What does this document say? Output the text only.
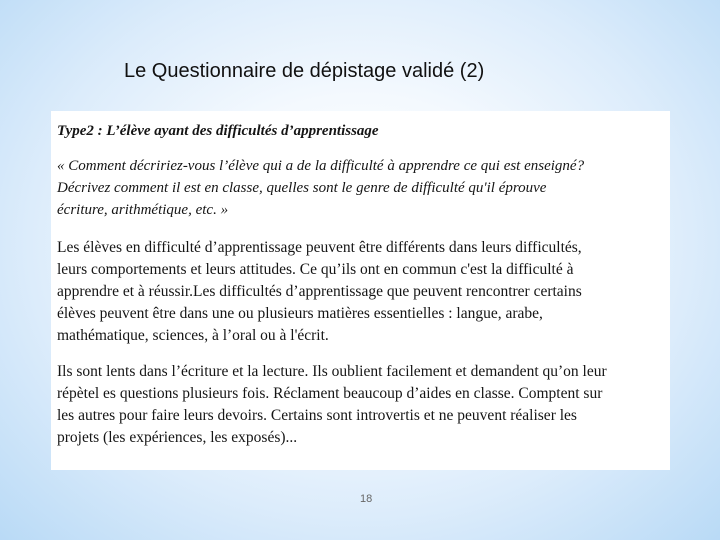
Le Questionnaire de dépistage validé (2)
Type2 : L’élève ayant des difficultés d’apprentissage
« Comment décririez-vous l’élève qui a de la difficulté à apprendre ce qui est enseigné?
Décrivez comment il est en classe, quelles sont le genre de difficulté qu'il éprouve
écriture, arithmétique, etc. »
Les élèves en difficulté d’apprentissage peuvent être différents dans leurs difficultés,
leurs comportements et leurs attitudes. Ce qu’ils ont en commun c'est la difficulté à
apprendre et à réussir.Les difficultés d’apprentissage que peuvent rencontrer certains
élèves peuvent être dans une ou plusieurs matières essentielles : langue, arabe,
mathématique, sciences, à l’oral ou à l'écrit.
Ils sont lents dans l’écriture et la lecture. Ils oublient facilement et demandent qu’on leur
répètel es questions plusieurs fois. Réclament beaucoup d’aides en classe. Comptent sur
les autres pour faire leurs devoirs. Certains sont introvertis et ne peuvent réaliser les
projets (les expériences, les exposés)...
18
